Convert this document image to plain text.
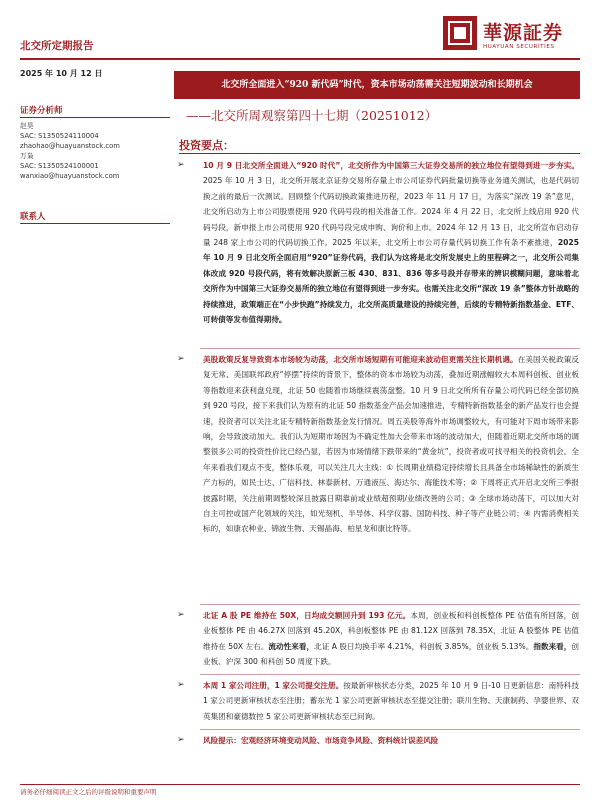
北交所定期报告
華源証券
HUAYUAN SECURITIES
2025 年 10 月 12 日
北交所全面进入“920 新代码”时代，资本市场动荡需关注短期波动和长期机会
——北交所周观察第四十七期（20251012）
证券分析师
赵昊
SAC: S1350524110004
zhaohao@huayuanstock.com
万枭
SAC: S1350524100001
wanxiao@huayuanstock.com
联系人
投资要点：
➢ 10 月 9 日北交所全面进入“920 时代”，北交所作为中国第三大证券交易所的独立地位有望得到进一步夯实。2025 年 10 月 3 日，北交所开展北京证券交易所存量上市公司证券代码批量切换等业务通关测试，也是代码切换之前的最后一次测试。回顾整个代码切换政策推进历程，2023 年 11 月 17 日，为落实“深改 19 条”意见，北交所启动为上市公司股票使用 920 代码号段的相关准备工作。2024 年 4 月 22 日，北交所上线启用 920 代码号段，新申报上市公司使用 920 代码号段完成申购、询价和上市。2024 年 12 月 13 日，北交所宣布启动存量 248 家上市公司的代码切换工作。2025 年以来，北交所上市公司存量代码切换工作有条不紊推进，2025 年 10 月 9 日北交所全面启用“920”证券代码，我们认为这将是北交所发展史上的里程碑之一，北交所公司集体改成 920 号段代码，将有效解决原新三板 430、831、836 等多号段并存带来的辨识模糊问题，意味着北交所作为中国第三大证券交易所的独立地位有望得到进一步夯实。也需关注北交所“深改 19 条”整体方针战略的持续推进，政策端正在“小步快跑”持续发力，北交所高质量建设的持续完善，后续的专精特新指数基金、ETF、可转债等发布值得期待。
➢ 美股政策反复导致资本市场较为动荡，北交所市场短期有可能迎来波动但更需关注长期机遇。在美国关税政策反复无常、美国联邦政府“停摆”持续的背景下，整体的资本市场较为动荡，叠加近期涨幅较大本周科创板、创业板等指数迎来获利盘兑现，北证 50 也随着市场继续震荡盘整。10 月 9 日北交所所有存量公司代码已经全部切换到 920 号段，接下来我们认为原有的北证 50 指数基金产品会加速推进，专精特新指数基金的新产品发行也会提速，投资者可以关注北证专精特新指数基金发行情况。周五美股等海外市场调整较大，有可能对下周市场带来影响，会导致波动加大。我们认为短期市场因为不确定性加大会带来市场的波动加大，但随着近期北交所市场的调整很多公司的投资性价比已经凸显，若因为市场情绪下跌带来的“黄金坑”，投资者或可找寻相关的投资机会。全年来看我们观点不变，整体乐观，可以关注几大主线：① 长周期业绩稳定持续增长且具备全市场稀缺性的新质生产力标的，如民士达、广信科技、林泰新材、万通液压、海达尔、海能技术等；② 下周将正式开启北交所三季报披露时期，关注前期调整较深且披露日期靠前或业绩超预期/业绩改善的公司；③ 全球市场动荡下，可以加大对自主可控或国产化领域的关注，如光刻机、半导体、科学仪器、国防科技、种子等产业链公司；④ 内需消费相关标的，如康农种业、锦波生物、天锡晶海、柏星龙和康比特等。
➢ 北证 A 股 PE 维持在 50X，日均成交额回升到 193 亿元。本周，创业板和科创板整体 PE 估值有所回落，创业板整体 PE 由 46.27X 回落到 45.20X，科创板整体 PE 由 81.12X 回落到 78.35X，北证 A 股整体 PE 估值维持在 50X 左右。流动性来看，北证 A 股日均换手率 4.21%，科创板 3.85%，创业板 5.13%。指数来看，创业板、沪深 300 和科创 50 周度下跌。
➢ 本周 1 家公司注册，1 家公司提交注册。按最新审核状态分类，2025 年 10 月 9 日-10 日更新信息：南特科技 1 家公司更新审核状态至注册；蓄东光 1 家公司更新审核状态至提交注册；联川生物、天康制药、孕婴世界、双英集团和豪德数控 5 家公司更新审核状态至已问询。
➢ 风险提示：宏观经济环境变动风险、市场竞争风险、资料统计误差风险
请务必仔细阅读正文之后的评级说明和重要声明
